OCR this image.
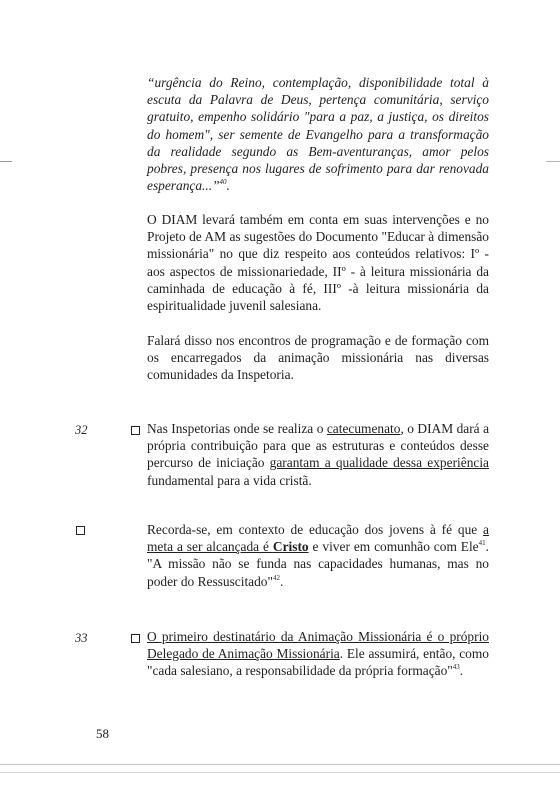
“urgência do Reino, contemplação, disponibilidade total à escuta da Palavra de Deus, pertença comunitária, serviço gratuito, empenho solidário "para a paz, a justiça, os direitos do homem", ser semente de Evangelho para a transformação da realidade segundo as Bem-aventuranças, amor pelos pobres, presença nos lugares de sofrimento para dar renovada esperança...”$^{40}$.

O DIAM levará também em conta em suas intervenções e no Projeto de AM as sugestões do Documento "Educar à dimensão missionária" no que diz respeito aos conteúdos relativos: Iº - aos aspectos de missionariedade, IIº - à leitura missionária da caminhada de educação à fé, IIIº -à leitura missionária da espiritualidade juvenil salesiana.

Falará disso nos encontros de programação e de formação com os encarregados da animação missionária nas diversas comunidades da Inspetoria.

32	Nas Inspetorias onde se realiza o catecumenato, o DIAM dará a própria contribuição para que as estruturas e conteúdos desse percurso de iniciação garantam a qualidade dessa experiência fundamental para a vida cristã.

Recorda-se, em contexto de educação dos jovens à fé que a meta a ser alcançada é Cristo e viver em comunhão com Ele$^{41}$. "A missão não se funda nas capacidades humanas, mas no poder do Ressuscitado"$^{42}$.

33	O primeiro destinatário da Animação Missionária é o próprio Delegado de Animação Missionária. Ele assumirá, então, como "cada salesiano, a responsabilidade da própria formação"$^{43}$.

58
